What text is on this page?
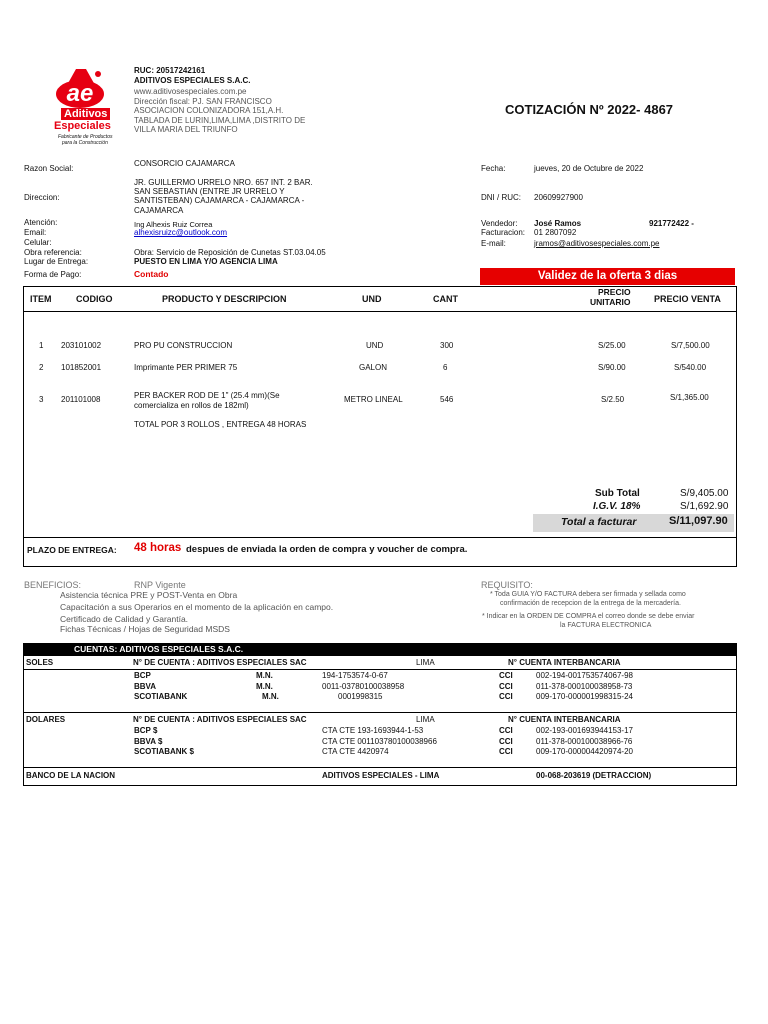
ae
Aditivos
Especiales
Fabricante de Productos
para la Construcción
RUC: 20517242161
ADITIVOS ESPECIALES S.A.C.
www.aditivosespeciales.com.pe
Dirección fiscal: PJ. SAN FRANCISCO
ASOCIACION COLONIZADORA 151,A.H.
TABLADA DE LURIN,LIMA,LIMA ,DISTRITO DE
VILLA MARIA DEL TRIUNFO
COTIZACIÓN Nº 2022- 4867
Razon Social:
CONSORCIO CAJAMARCA
Direccion:
JR. GUILLERMO URRELO NRO. 657 INT. 2 BAR.
SAN SEBASTIAN (ENTRE JR URRELO Y
SANTISTEBAN) CAJAMARCA - CAJAMARCA -
CAJAMARCA
Atención:	Ing Alhexis Ruiz Correa
Email:	alhexisruizc@outlook.com
Celular:
Obra referencia:	Obra: Servicio de Reposición de Cunetas ST.03.04.05
Lugar de Entrega:	PUESTO EN LIMA Y/O AGENCIA LIMA
Forma de Pago:	Contado
Fecha:	jueves, 20 de Octubre de 2022
DNI / RUC: 20609927900
Vendedor: José Ramos	921772422 -
Facturacion: 01 2807092
E-mail:	jramos@aditivosespeciales.com.pe
Validez de la oferta 3 dias
ITEM	CODIGO	PRODUCTO Y DESCRIPCION	UND	CANT
PRECIO
UNITARIO	PRECIO VENTA
1 203101002	PRO PU CONSTRUCCION	UND	300	S/25.00	S/7,500.00
2 101852001	Imprimante PER PRIMER 75	GALON	6	S/90.00	S/540.00
3 201101008	PER BACKER ROD DE 1" (25.4 mm)(Se
comercializa en rollos de 182ml)
METRO LINEAL	546	S/2.50	S/1,365.00
TOTAL POR 3 ROLLOS , ENTREGA 48 HORAS
Sub Total	S/9,405.00
I.G.V. 18%	S/1,692.90
Total a facturar	S/11,097.90
PLAZO DE ENTREGA: 48 horas despues de enviada la orden de compra y voucher de compra.
BENEFICIOS:	RNP Vigente
Asistencia técnica PRE y POST-Venta en Obra
Capacitación a sus Operarios en el momento de la aplicación en campo.
Certificado de Calidad y Garantía.
Fichas Técnicas / Hojas de Seguridad MSDS
REQUISITO:
* Toda GUIA Y/O FACTURA debera ser firmada y sellada como
confirmación de recepcion de la entrega de la mercadería.
* Indicar en la ORDEN DE COMPRA el correo donde se debe enviar
la FACTURA ELECTRONICA
CUENTAS: ADITIVOS ESPECIALES S.A.C.
SOLES	N° DE CUENTA : ADITIVOS ESPECIALES SAC	LIMA	N° CUENTA INTERBANCARIA
BCP	M.N.	194-1753574-0-67	CCI	002-194-001753574067-98
BBVA	M.N.	0011-03780100038958	CCI	011-378-000100038958-73
SCOTIABANK	M.N.	0001998315	CCI	009-170-000001998315-24
DOLARES	N° DE CUENTA : ADITIVOS ESPECIALES SAC	LIMA	N° CUENTA INTERBANCARIA
BCP $	CTA CTE 193-1693944-1-53	CCI	002-193-001693944153-17
BBVA $	CTA CTE 00110378010003896​6	CCI	011-378-000100038966-76
SCOTIABANK $	CTA CTE 4420974	CCI	009-170-000004420974-20
BANCO DE LA NACION	ADITIVOS ESPECIALES - LIMA	00-068-203619 (DETRACCION)
